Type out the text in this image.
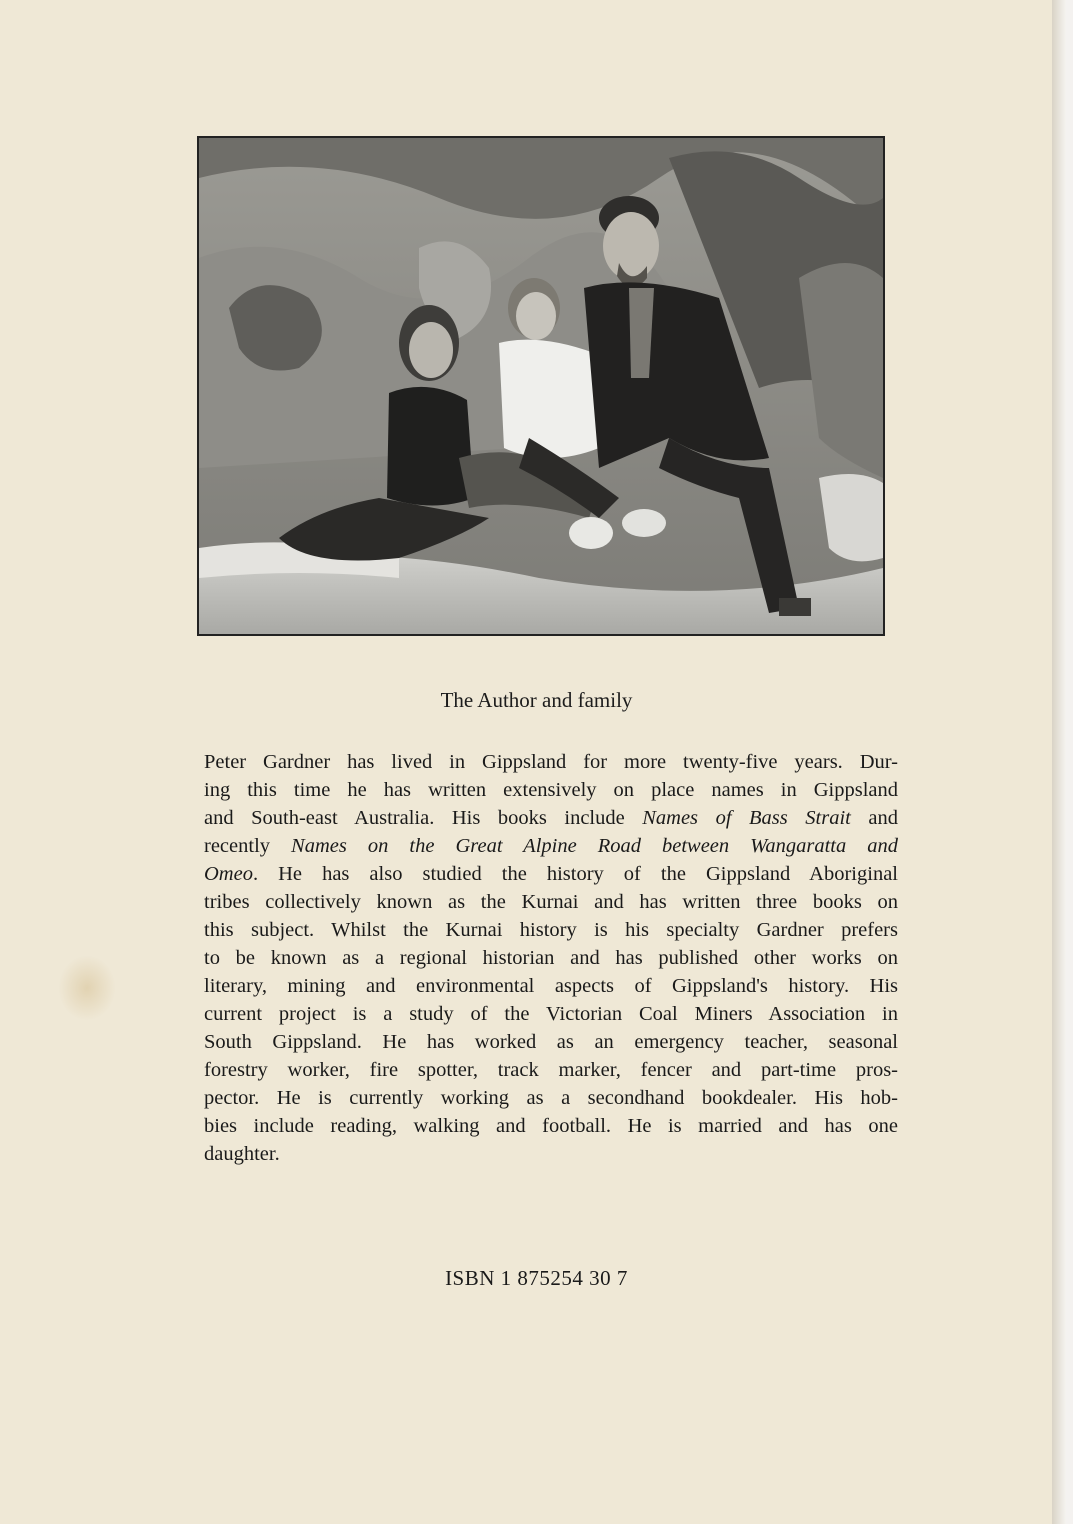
The Author and family

Peter Gardner has lived in Gippsland for more twenty-five years. Dur-
ing this time he has written extensively on place names in Gippsland
and South-east Australia. His books include Names of Bass Strait and
recently Names on the Great Alpine Road between Wangaratta and
Omeo. He has also studied the history of the Gippsland Aboriginal
tribes collectively known as the Kurnai and has written three books on
this subject. Whilst the Kurnai history is his specialty Gardner prefers
to be known as a regional historian and has published other works on
literary, mining and environmental aspects of Gippsland's history. His
current project is a study of the Victorian Coal Miners Association in
South Gippsland. He has worked as an emergency teacher, seasonal
forestry worker, fire spotter, track marker, fencer and part-time pros-
pector. He is currently working as a secondhand bookdealer. His hob-
bies include reading, walking and football. He is married and has one
daughter.

ISBN 1 875254 30 7
